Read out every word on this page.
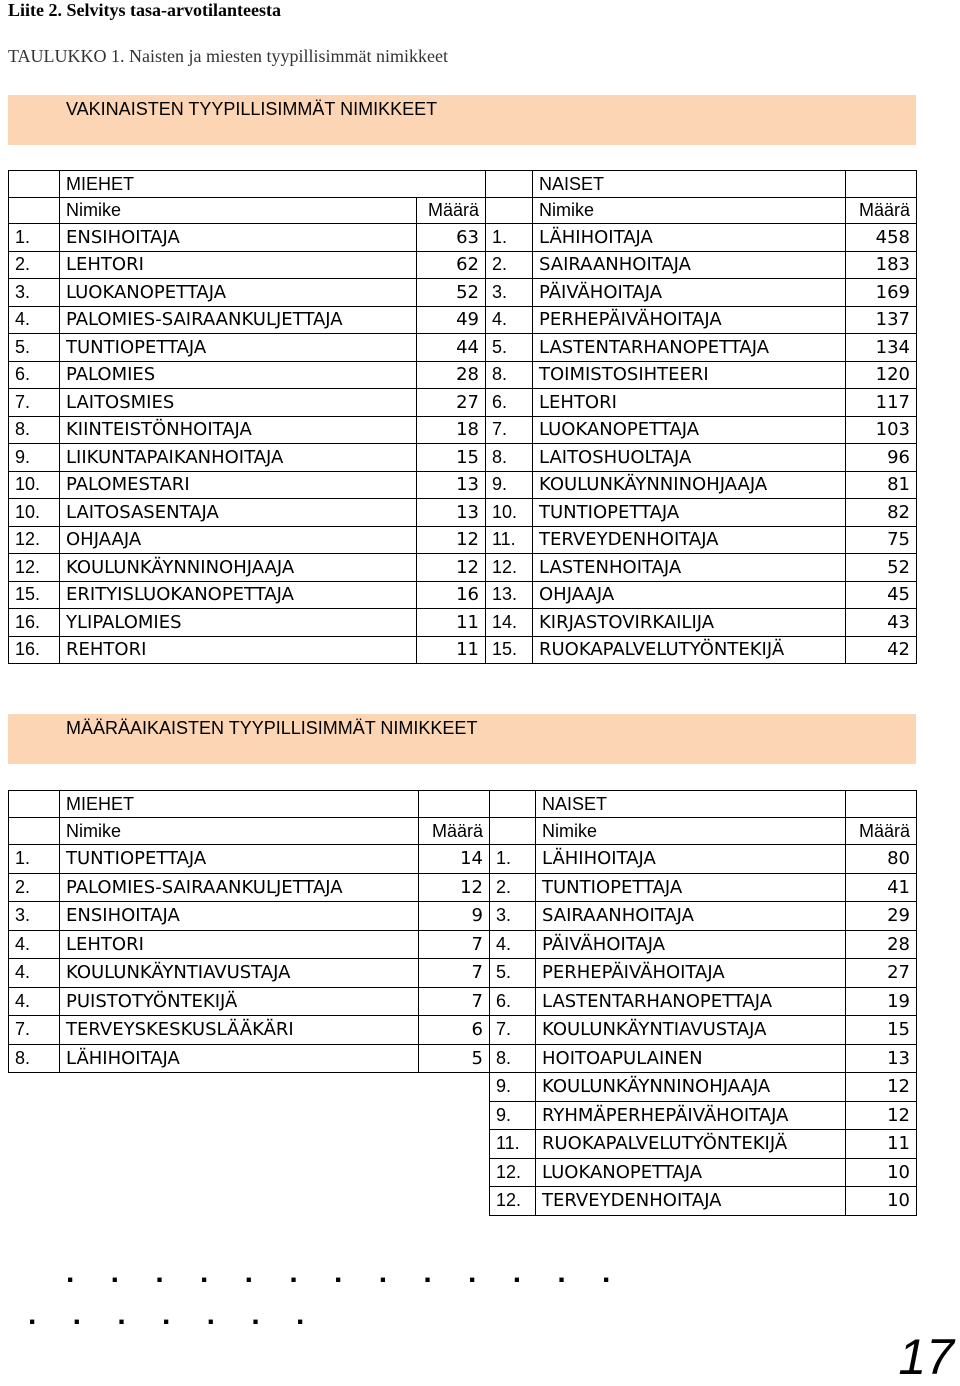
Liite 2. Selvitys tasa-arvotilanteesta
TAULUKKO 1. Naisten ja miesten tyypillisimmät nimikkeet
VAKINAISTEN TYYPILLISIMMÄT NIMIKKEET
	MIEHET			NAISET	
	Nimike	Määrä		Nimike	Määrä
1.	ENSIHOITAJA	63	1.	LÄHIHOITAJA	458
2.	LEHTORI	62	2.	SAIRAANHOITAJA	183
3.	LUOKANOPETTAJA	52	3.	PÄIVÄHOITAJA	169
4.	PALOMIES-SAIRAANKULJETTAJA	49	4.	PERHEPÄIVÄHOITAJA	137
5.	TUNTIOPETTAJA	44	5.	LASTENTARHANOPETTAJA	134
6.	PALOMIES	28	8.	TOIMISTOSIHTEERI	120
7.	LAITOSMIES	27	6.	LEHTORI	117
8.	KIINTEISTÖNHOITAJA	18	7.	LUOKANOPETTAJA	103
9.	LIIKUNTAPAIKANHOITAJA	15	8.	LAITOSHUOLTAJA	96
10.	PALOMESTARI	13	9.	KOULUNKÄYNNINOHJAAJA	81
10.	LAITOSASENTAJA	13	10.	TUNTIOPETTAJA	82
12.	OHJAAJA	12	11.	TERVEYDENHOITAJA	75
12.	KOULUNKÄYNNINOHJAAJA	12	12.	LASTENHOITAJA	52
15.	ERITYISLUOKANOPETTAJA	16	13.	OHJAAJA	45
16.	YLIPALOMIES	11	14.	KIRJASTOVIRKAILIJA	43
16.	REHTORI	11	15.	RUOKAPALVELUTYÖNTEKIJÄ	42
MÄÄRÄAIKAISTEN TYYPILLISIMMÄT NIMIKKEET
	MIEHET			NAISET	
	Nimike	Määrä		Nimike	Määrä
1.	TUNTIOPETTAJA	14	1.	LÄHIHOITAJA	80
2.	PALOMIES-SAIRAANKULJETTAJA	12	2.	TUNTIOPETTAJA	41
3.	ENSIHOITAJA	9	3.	SAIRAANHOITAJA	29
4.	LEHTORI	7	4.	PÄIVÄHOITAJA	28
4.	KOULUNKÄYNTIAVUSTAJA	7	5.	PERHEPÄIVÄHOITAJA	27
4.	PUISTOTYÖNTEKIJÄ	7	6.	LASTENTARHANOPETTAJA	19
7.	TERVEYSKESKUSLÄÄKÄRI	6	7.	KOULUNKÄYNTIAVUSTAJA	15
8.	LÄHIHOITAJA	5	8.	HOITOAPULAINEN	13
			9.	KOULUNKÄYNNINOHJAAJA	12
			9.	RYHMÄPERHEPÄIVÄHOITAJA	12
			11.	RUOKAPALVELUTYÖNTEKIJÄ	11
			12.	LUOKANOPETTAJA	10
			12.	TERVEYDENHOITAJA	10
. . . . . . . . . . . . .
. . . . . . .
17
